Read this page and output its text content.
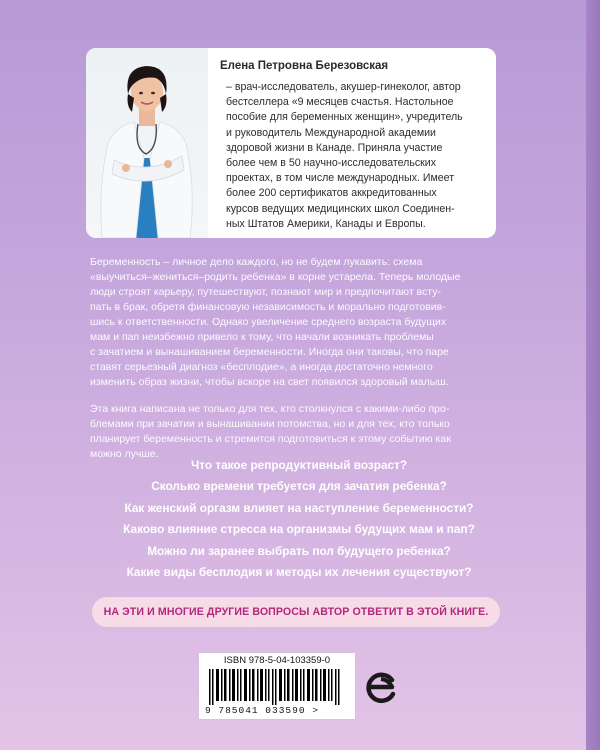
Елена Петровна Березовская
– врач-исследователь, акушер-гинеколог, автор
бестселлера «9 месяцев счастья. Настольное
пособие для беременных женщин», учредитель
и руководитель Международной академии
здоровой жизни в Канаде. Приняла участие
более чем в 50 научно-исследовательских
проектах, в том числе международных. Имеет
более 200 сертификатов аккредитованных
курсов ведущих медицинских школ Соединен-
ных Штатов Америки, Канады и Европы.

Беременность – личное дело каждого, но не будем лукавить: схема
«выучиться–жениться–родить ребенка» в корне устарела. Теперь молодые
люди строят карьеру, путешествуют, познают мир и предпочитают всту-
пать в брак, обретя финансовую независимость и морально подготовив-
шись к ответственности. Однако увеличение среднего возраста будущих
мам и пап неизбежно привело к тому, что начали возникать проблемы
с зачатием и вынашиванием беременности. Иногда они таковы, что паре
ставят серьезный диагноз «бесплодие», а иногда достаточно немного
изменить образ жизни, чтобы вскоре на свет появился здоровый малыш.

Эта книга написана не только для тех, кто столкнулся с какими-либо про-
блемами при зачатии и вынашивании потомства, но и для тех, кто только
планирует беременность и стремится подготовиться к этому событию как
можно лучше.

Что такое репродуктивный возраст?
Сколько времени требуется для зачатия ребенка?
Как женский оргазм влияет на наступление беременности?
Каково влияние стресса на организмы будущих мам и пап?
Можно ли заранее выбрать пол будущего ребенка?
Какие виды бесплодия и методы их лечения существуют?
НА ЭТИ И МНОГИЕ ДРУГИЕ ВОПРОСЫ АВТОР ОТВЕТИТ В ЭТОЙ КНИГЕ.
ISBN 978-5-04-103359-0
9 785041 033590 >
